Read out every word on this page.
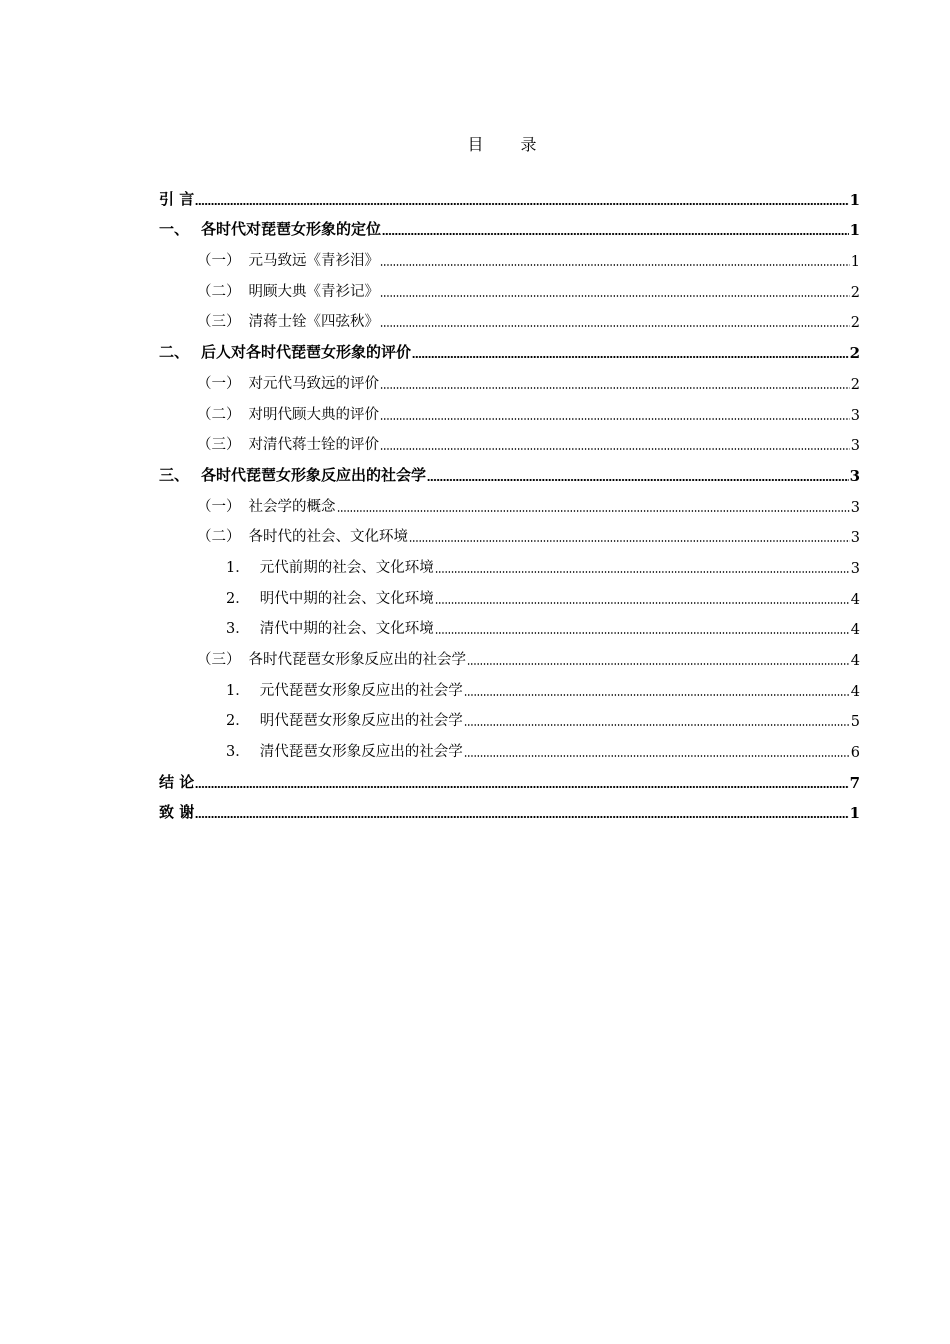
目 录
引 言	1
一、 各时代对琵琶女形象的定位	1
（一） 元马致远《青衫泪》	1
（二） 明顾大典《青衫记》	2
（三） 清蒋士铨《四弦秋》	2
二、 后人对各时代琵琶女形象的评价	2
（一） 对元代马致远的评价	2
（二） 对明代顾大典的评价	3
（三） 对清代蒋士铨的评价	3
三、 各时代琵琶女形象反应出的社会学	3
（一） 社会学的概念	3
（二） 各时代的社会、文化环境	3
1． 元代前期的社会、文化环境	3
2． 明代中期的社会、文化环境	4
3． 清代中期的社会、文化环境	4
（三） 各时代琵琶女形象反应出的社会学	4
1． 元代琵琶女形象反应出的社会学	4
2． 明代琵琶女形象反应出的社会学	5
3． 清代琵琶女形象反应出的社会学	6
结 论	7
致 谢	1
